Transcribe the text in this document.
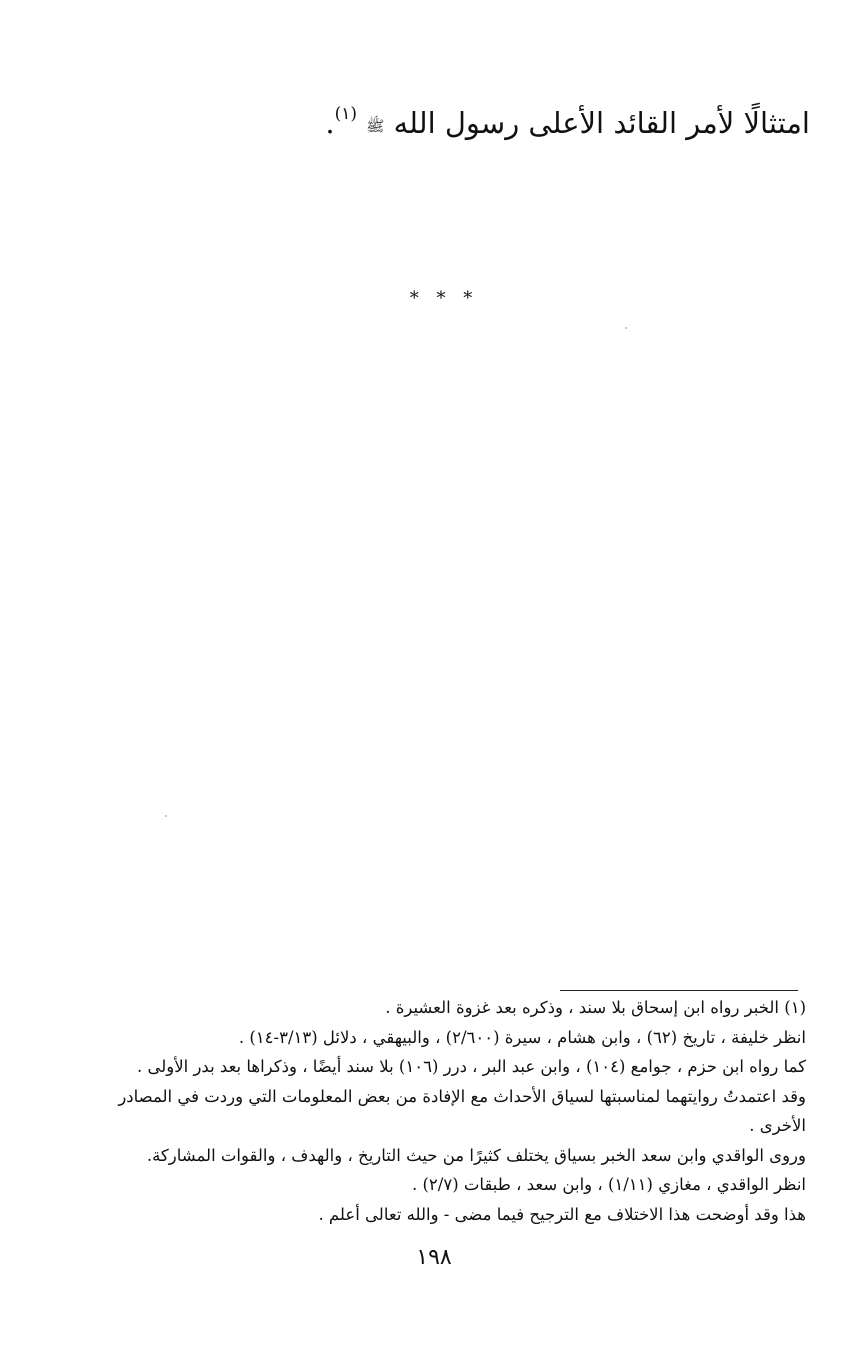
امتثالًا لأمر القائد الأعلى رسول الله ﷺ $^{(١)}$.
* * *
(١) الخبر رواه ابن إسحاق بلا سند ، وذكره بعد غزوة العشيرة .
انظر خليفة ، تاريخ (٦٢) ، وابن هشام ، سيرة (٢/٦٠٠) ، والبيهقي ، دلائل (٣/١٣-١٤) .
كما رواه ابن حزم ، جوامع (١٠٤) ، وابن عبد البر ، درر (١٠٦) بلا سند أيضًا ، وذكراها بعد بدر الأولى .
وقد اعتمدتُ روايتهما لمناسبتها لسياق الأحداث مع الإفادة من بعض المعلومات التي وردت في المصادر
الأخرى .
وروى الواقدي وابن سعد الخبر بسياق يختلف كثيرًا من حيث التاريخ ، والهدف ، والقوات المشاركة.
انظر الواقدي ، مغازي (١/١١) ، وابن سعد ، طبقات (٢/٧) .
هذا وقد أوضحت هذا الاختلاف مع الترجيح فيما مضى - والله تعالى أعلم .
١٩٨
